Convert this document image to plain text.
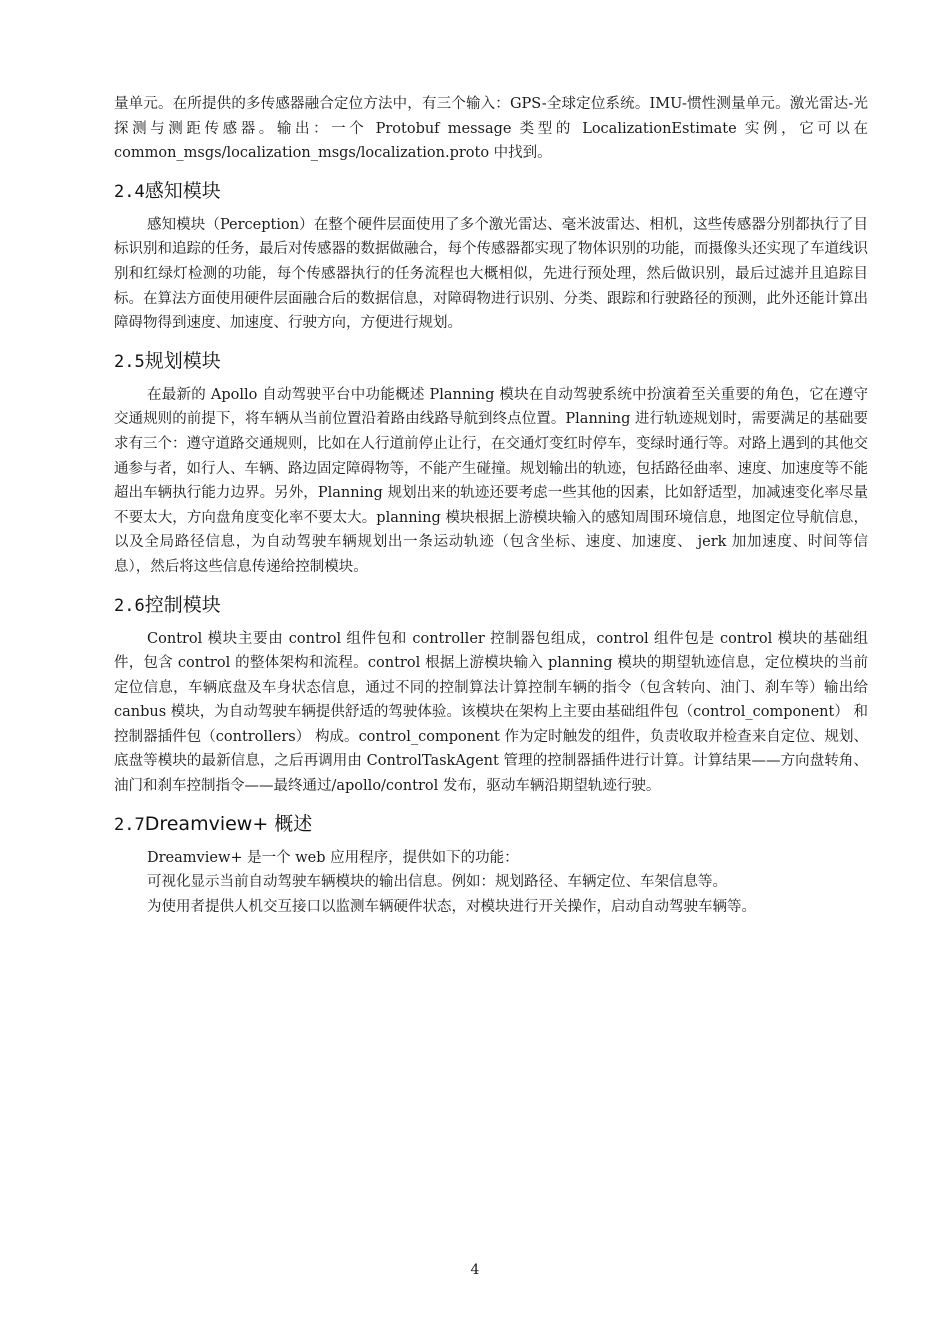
量单元。在所提供的多传感器融合定位方法中，有三个输入：GPS-全球定位系统。IMU-惯性测量单元。激光雷达-光探测与测距传感器。输出：一个 Protobuf message 类型的 LocalizationEstimate 实例，它可以在 common_msgs/localization_msgs/localization.proto 中找到。

2.4感知模块

感知模块（Perception）在整个硬件层面使用了多个激光雷达、毫米波雷达、相机，这些传感器分别都执行了目标识别和追踪的任务，最后对传感器的数据做融合，每个传感器都实现了物体识别的功能，而摄像头还实现了车道线识别和红绿灯检测的功能，每个传感器执行的任务流程也大概相似，先进行预处理，然后做识别，最后过滤并且追踪目标。在算法方面使用硬件层面融合后的数据信息，对障碍物进行识别、分类、跟踪和行驶路径的预测，此外还能计算出障碍物得到速度、加速度、行驶方向，方便进行规划。

2.5规划模块

在最新的 Apollo 自动驾驶平台中功能概述 Planning 模块在自动驾驶系统中扮演着至关重要的角色，它在遵守交通规则的前提下，将车辆从当前位置沿着路由线路导航到终点位置。Planning 进行轨迹规划时，需要满足的基础要求有三个：遵守道路交通规则，比如在人行道前停止让行，在交通灯变红时停车，变绿时通行等。对路上遇到的其他交通参与者，如行人、车辆、路边固定障碍物等，不能产生碰撞。规划输出的轨迹，包括路径曲率、速度、加速度等不能超出车辆执行能力边界。另外，Planning 规划出来的轨迹还要考虑一些其他的因素，比如舒适型，加减速变化率尽量不要太大，方向盘角度变化率不要太大。planning 模块根据上游模块输入的感知周围环境信息，地图定位导航信息，以及全局路径信息，为自动驾驶车辆规划出一条运动轨迹（包含坐标、速度、加速度、 jerk 加加速度、时间等信息），然后将这些信息传递给控制模块。

2.6控制模块

Control 模块主要由 control 组件包和 controller 控制器包组成，control 组件包是 control 模块的基础组件，包含 control 的整体架构和流程。control 根据上游模块输入 planning 模块的期望轨迹信息，定位模块的当前定位信息，车辆底盘及车身状态信息，通过不同的控制算法计算控制车辆的指令（包含转向、油门、刹车等）输出给 canbus 模块，为自动驾驶车辆提供舒适的驾驶体验。该模块在架构上主要由基础组件包（control_component） 和控制器插件包（controllers） 构成。control_component 作为定时触发的组件，负责收取并检查来自定位、规划、底盘等模块的最新信息，之后再调用由 ControlTaskAgent 管理的控制器插件进行计算。计算结果——方向盘转角、油门和刹车控制指令——最终通过/apollo/control 发布，驱动车辆沿期望轨迹行驶。

2.7Dreamview+ 概述

Dreamview+ 是一个 web 应用程序，提供如下的功能：

可视化显示当前自动驾驶车辆模块的输出信息。例如：规划路径、车辆定位、车架信息等。

为使用者提供人机交互接口以监测车辆硬件状态，对模块进行开关操作，启动自动驾驶车辆等。

4
